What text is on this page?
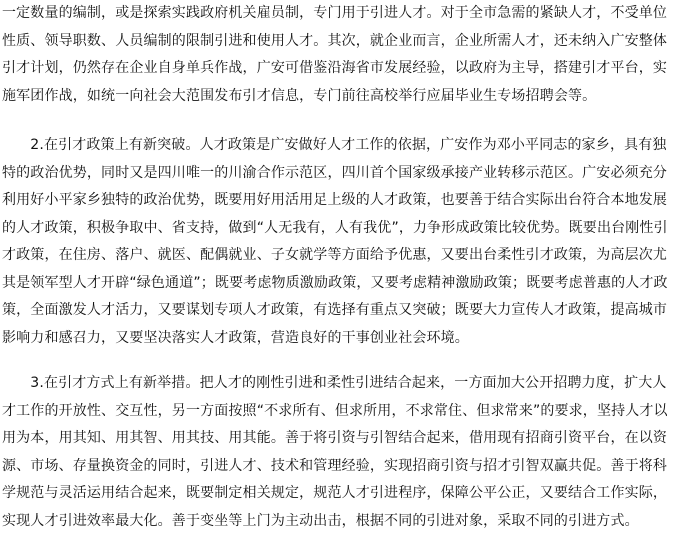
一定数量的编制，或是探索实践政府机关雇员制，专门用于引进人才。对于全市急需的紧缺人才，不受单位
性质、领导职数、人员编制的限制引进和使用人才。其次，就企业而言，企业所需人才，还未纳入广安整体
引才计划，仍然存在企业自身单兵作战，广安可借鉴沿海省市发展经验，以政府为主导，搭建引才平台，实
施军团作战，如统一向社会大范围发布引才信息，专门前往高校举行应届毕业生专场招聘会等。

　　2.在引才政策上有新突破。人才政策是广安做好人才工作的依据，广安作为邓小平同志的家乡，具有独
特的政治优势，同时又是四川唯一的川渝合作示范区，四川首个国家级承接产业转移示范区。广安必须充分
利用好小平家乡独特的政治优势，既要用好用活用足上级的人才政策，也要善于结合实际出台符合本地发展
的人才政策，积极争取中、省支持，做到“人无我有，人有我优”，力争形成政策比较优势。既要出台刚性引
才政策，在住房、落户、就医、配偶就业、子女就学等方面给予优惠，又要出台柔性引才政策，为高层次尤
其是领军型人才开辟“绿色通道”；既要考虑物质激励政策，又要考虑精神激励政策；既要考虑普惠的人才政
策，全面激发人才活力，又要谋划专项人才政策，有选择有重点又突破；既要大力宣传人才政策，提高城市
影响力和感召力，又要坚决落实人才政策，营造良好的干事创业社会环境。

　　3.在引才方式上有新举措。把人才的刚性引进和柔性引进结合起来，一方面加大公开招聘力度，扩大人
才工作的开放性、交互性，另一方面按照“不求所有、但求所用，不求常住、但求常来”的要求，坚持人才以
用为本，用其知、用其智、用其技、用其能。善于将引资与引智结合起来，借用现有招商引资平台，在以资
源、市场、存量换资金的同时，引进人才、技术和管理经验，实现招商引资与招才引智双赢共促。善于将科
学规范与灵活运用结合起来，既要制定相关规定，规范人才引进程序，保障公平公正，又要结合工作实际，
实现人才引进效率最大化。善于变坐等上门为主动出击，根据不同的引进对象，采取不同的引进方式。
